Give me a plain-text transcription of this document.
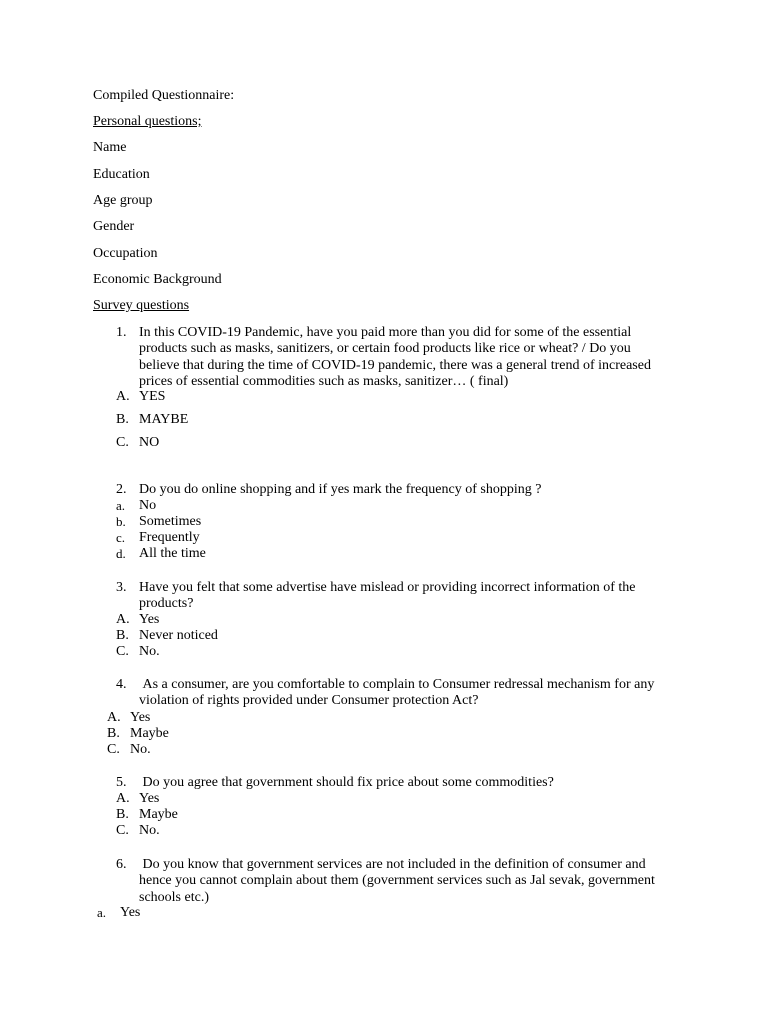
Compiled Questionnaire:
Personal questions;
Name
Education
Age group
Gender
Occupation
Economic Background
Survey questions
1. In this COVID-19 Pandemic, have you paid more than you did for some of the essential products such as masks, sanitizers, or certain food products like rice or wheat? / Do you believe that during the time of COVID-19 pandemic, there was a general trend of increased prices of essential commodities such as masks, sanitizer… ( final)
A. YES
B. MAYBE
C. NO
2. Do you do online shopping and if yes mark the frequency of shopping ?
a. No
b. Sometimes
c. Frequently
d. All the time
3. Have you felt that some advertise have mislead or providing incorrect information of the products?
A. Yes
B. Never noticed
C. No.
4. As a consumer, are you comfortable to complain to Consumer redressal mechanism for any violation of rights provided under Consumer protection Act?
A. Yes
B. Maybe
C. No.
5. Do you agree that government should fix price about some commodities?
A. Yes
B. Maybe
C. No.
6. Do you know that government services are not included in the definition of consumer and hence you cannot complain about them (government services such as Jal sevak, government schools etc.)
a. Yes
